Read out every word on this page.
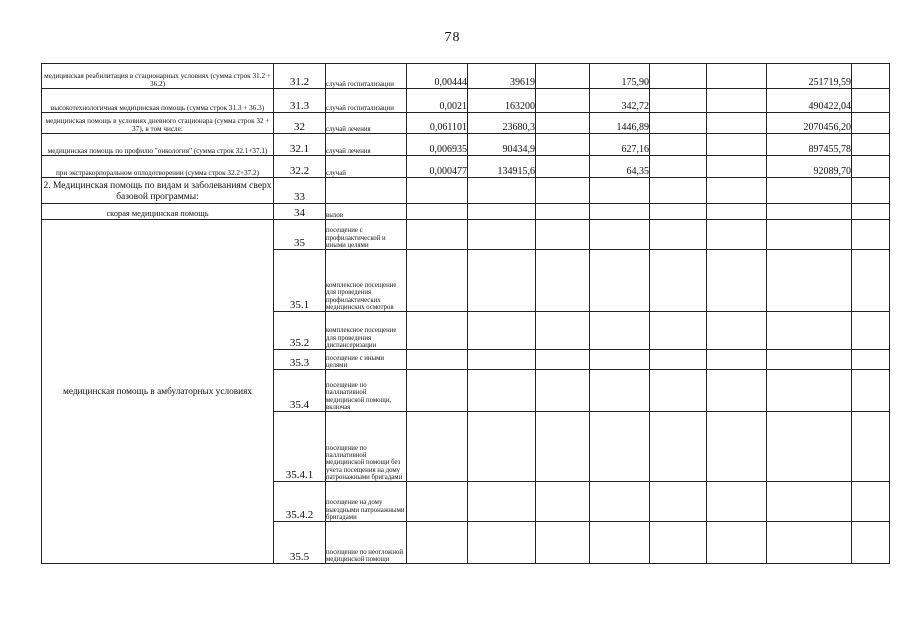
78
медицинская реабилитация в стационарных условиях (сумма строк 31.2 + 36.2)	31.2	случай госпитализации	0,00444	39619		175,90			251719,59	
высокотехнологичная медицинская помощь (сумма строк 31.3 + 36.3)	31.3	случай госпитализации	0,0021	163200		342,72			490422,04	
медицинская помощь в условиях дневного стационара (сумма строк 32 + 37), в том числе:	32	случай лечения	0,061101	23680,3		1446,89			2070456,20	
медицинская помощь по профилю "онкология" (сумма строк 32.1+37.1)	32.1	случай лечения	0,006935	90434,9		627,16			897455,78	
при экстракорпоральном оплодотворении (сумма строк 32.2+37.2)	32.2	случай	0,000477	134915,6		64,35			92089,70	
2. Медицинская помощь по видам и заболеваниям сверх базовой программы:	33									
скорая медицинская помощь	34	вызов								
медицинская помощь в амбулаторных условиях	35	посещение с профилактической и иными целями								
	35.1	комплексное посещение для проведения профилактических медицинских осмотров								
	35.2	комплексное посещение для проведения диспансеризации								
	35.3	посещение с иными целями								
	35.4	посещение по паллиативной медицинской помощи, включая								
	35.4.1	посещение по паллиативной медицинской помощи без учета посещения на дому патронажными бригадами								
	35.4.2	посещение на дому выездными патронажными бригадами								
	35.5	посещение по неотложной медицинской помощи								
